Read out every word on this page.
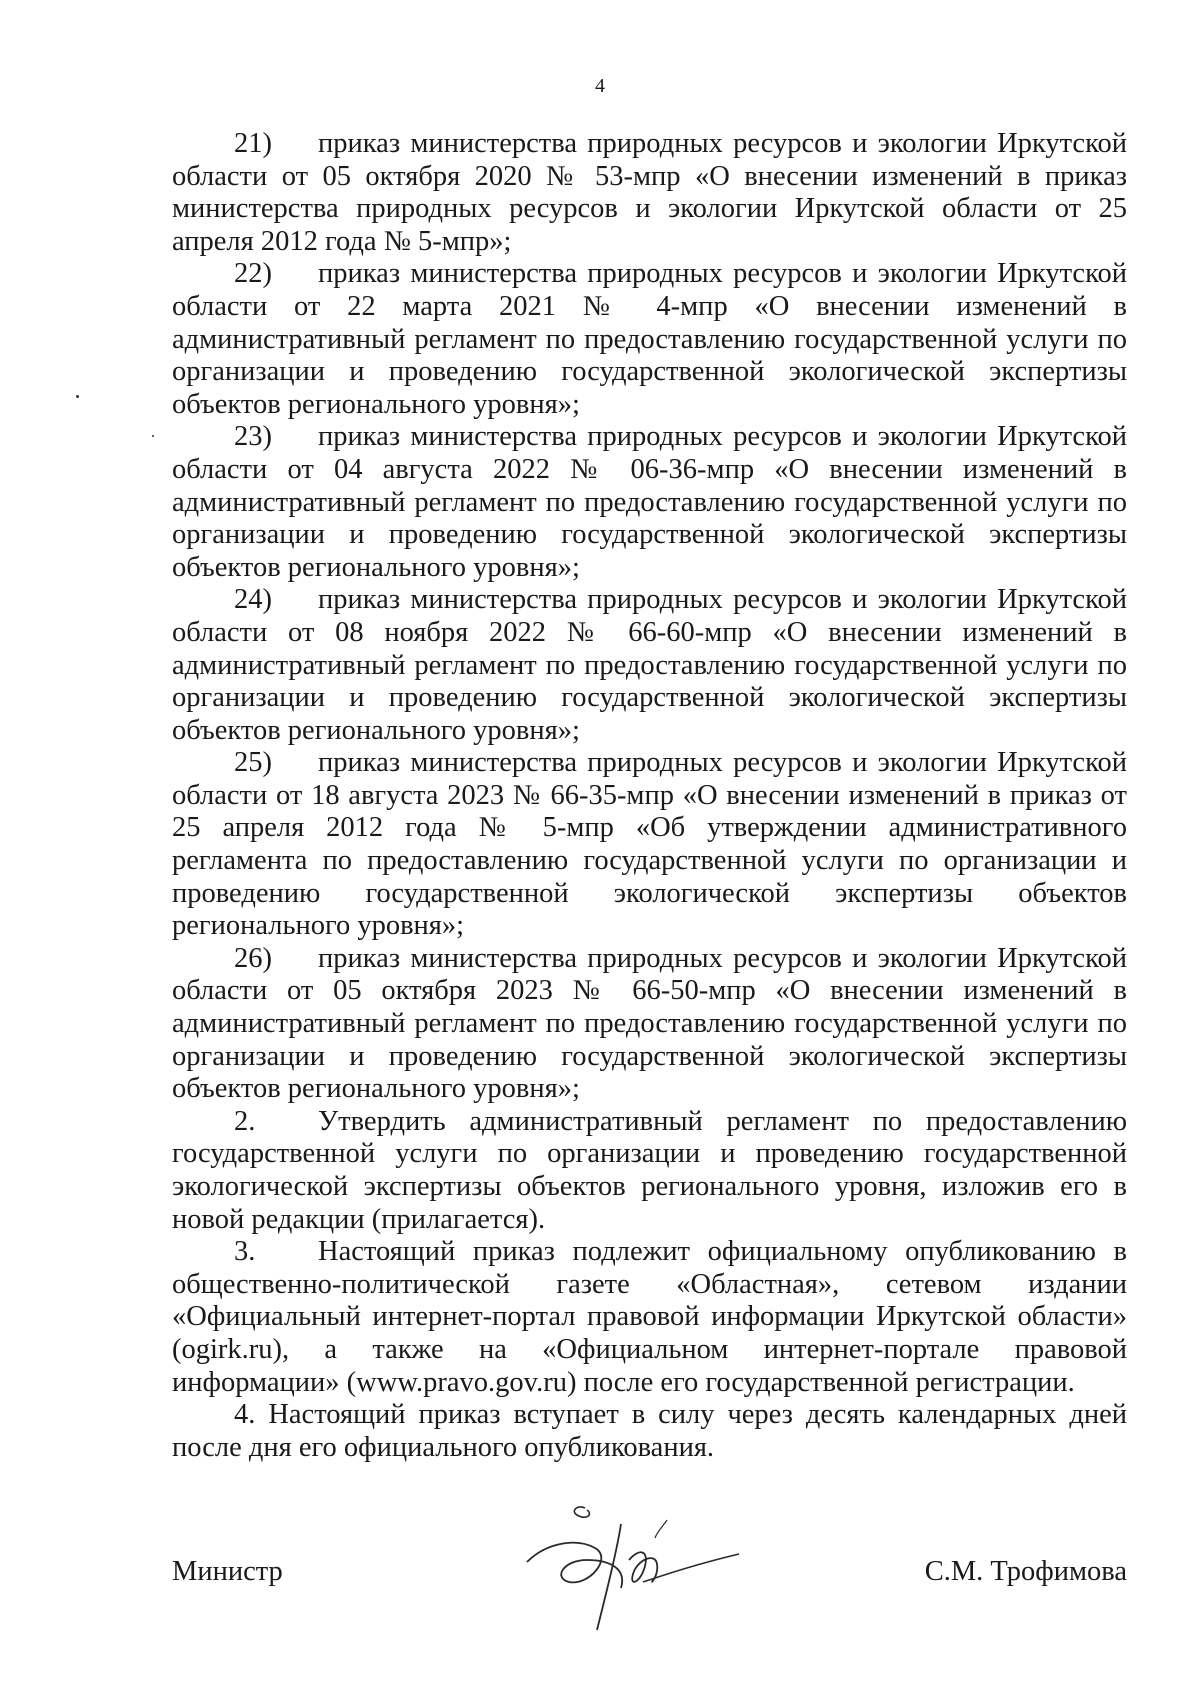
4

21) приказ министерства природных ресурсов и экологии Иркутской области от 05 октября 2020 № 53-мпр «О внесении изменений в приказ министерства природных ресурсов и экологии Иркутской области от 25 апреля 2012 года № 5-мпр»;

22) приказ министерства природных ресурсов и экологии Иркутской области от 22 марта 2021 № 4-мпр «О внесении изменений в административный регламент по предоставлению государственной услуги по организации и проведению государственной экологической экспертизы объектов регионального уровня»;

23) приказ министерства природных ресурсов и экологии Иркутской области от 04 августа 2022 № 06-36-мпр «О внесении изменений в административный регламент по предоставлению государственной услуги по организации и проведению государственной экологической экспертизы объектов регионального уровня»;

24) приказ министерства природных ресурсов и экологии Иркутской области от 08 ноября 2022 № 66-60-мпр «О внесении изменений в административный регламент по предоставлению государственной услуги по организации и проведению государственной экологической экспертизы объектов регионального уровня»;

25) приказ министерства природных ресурсов и экологии Иркутской области от 18 августа 2023 № 66-35-мпр «О внесении изменений в приказ от 25 апреля 2012 года № 5-мпр «Об утверждении административного регламента по предоставлению государственной услуги по организации и проведению государственной экологической экспертизы объектов регионального уровня»;

26) приказ министерства природных ресурсов и экологии Иркутской области от 05 октября 2023 № 66-50-мпр «О внесении изменений в административный регламент по предоставлению государственной услуги по организации и проведению государственной экологической экспертизы объектов регионального уровня»;

2. Утвердить административный регламент по предоставлению государственной услуги по организации и проведению государственной экологической экспертизы объектов регионального уровня, изложив его в новой редакции (прилагается).

3. Настоящий приказ подлежит официальному опубликованию в общественно-политической газете «Областная», сетевом издании «Официальный интернет-портал правовой информации Иркутской области» (ogirk.ru), а также на «Официальном интернет-портале правовой информации» (www.pravo.gov.ru) после его государственной регистрации.

4. Настоящий приказ вступает в силу через десять календарных дней после дня его официального опубликования.

Министр	С.М. Трофимова
